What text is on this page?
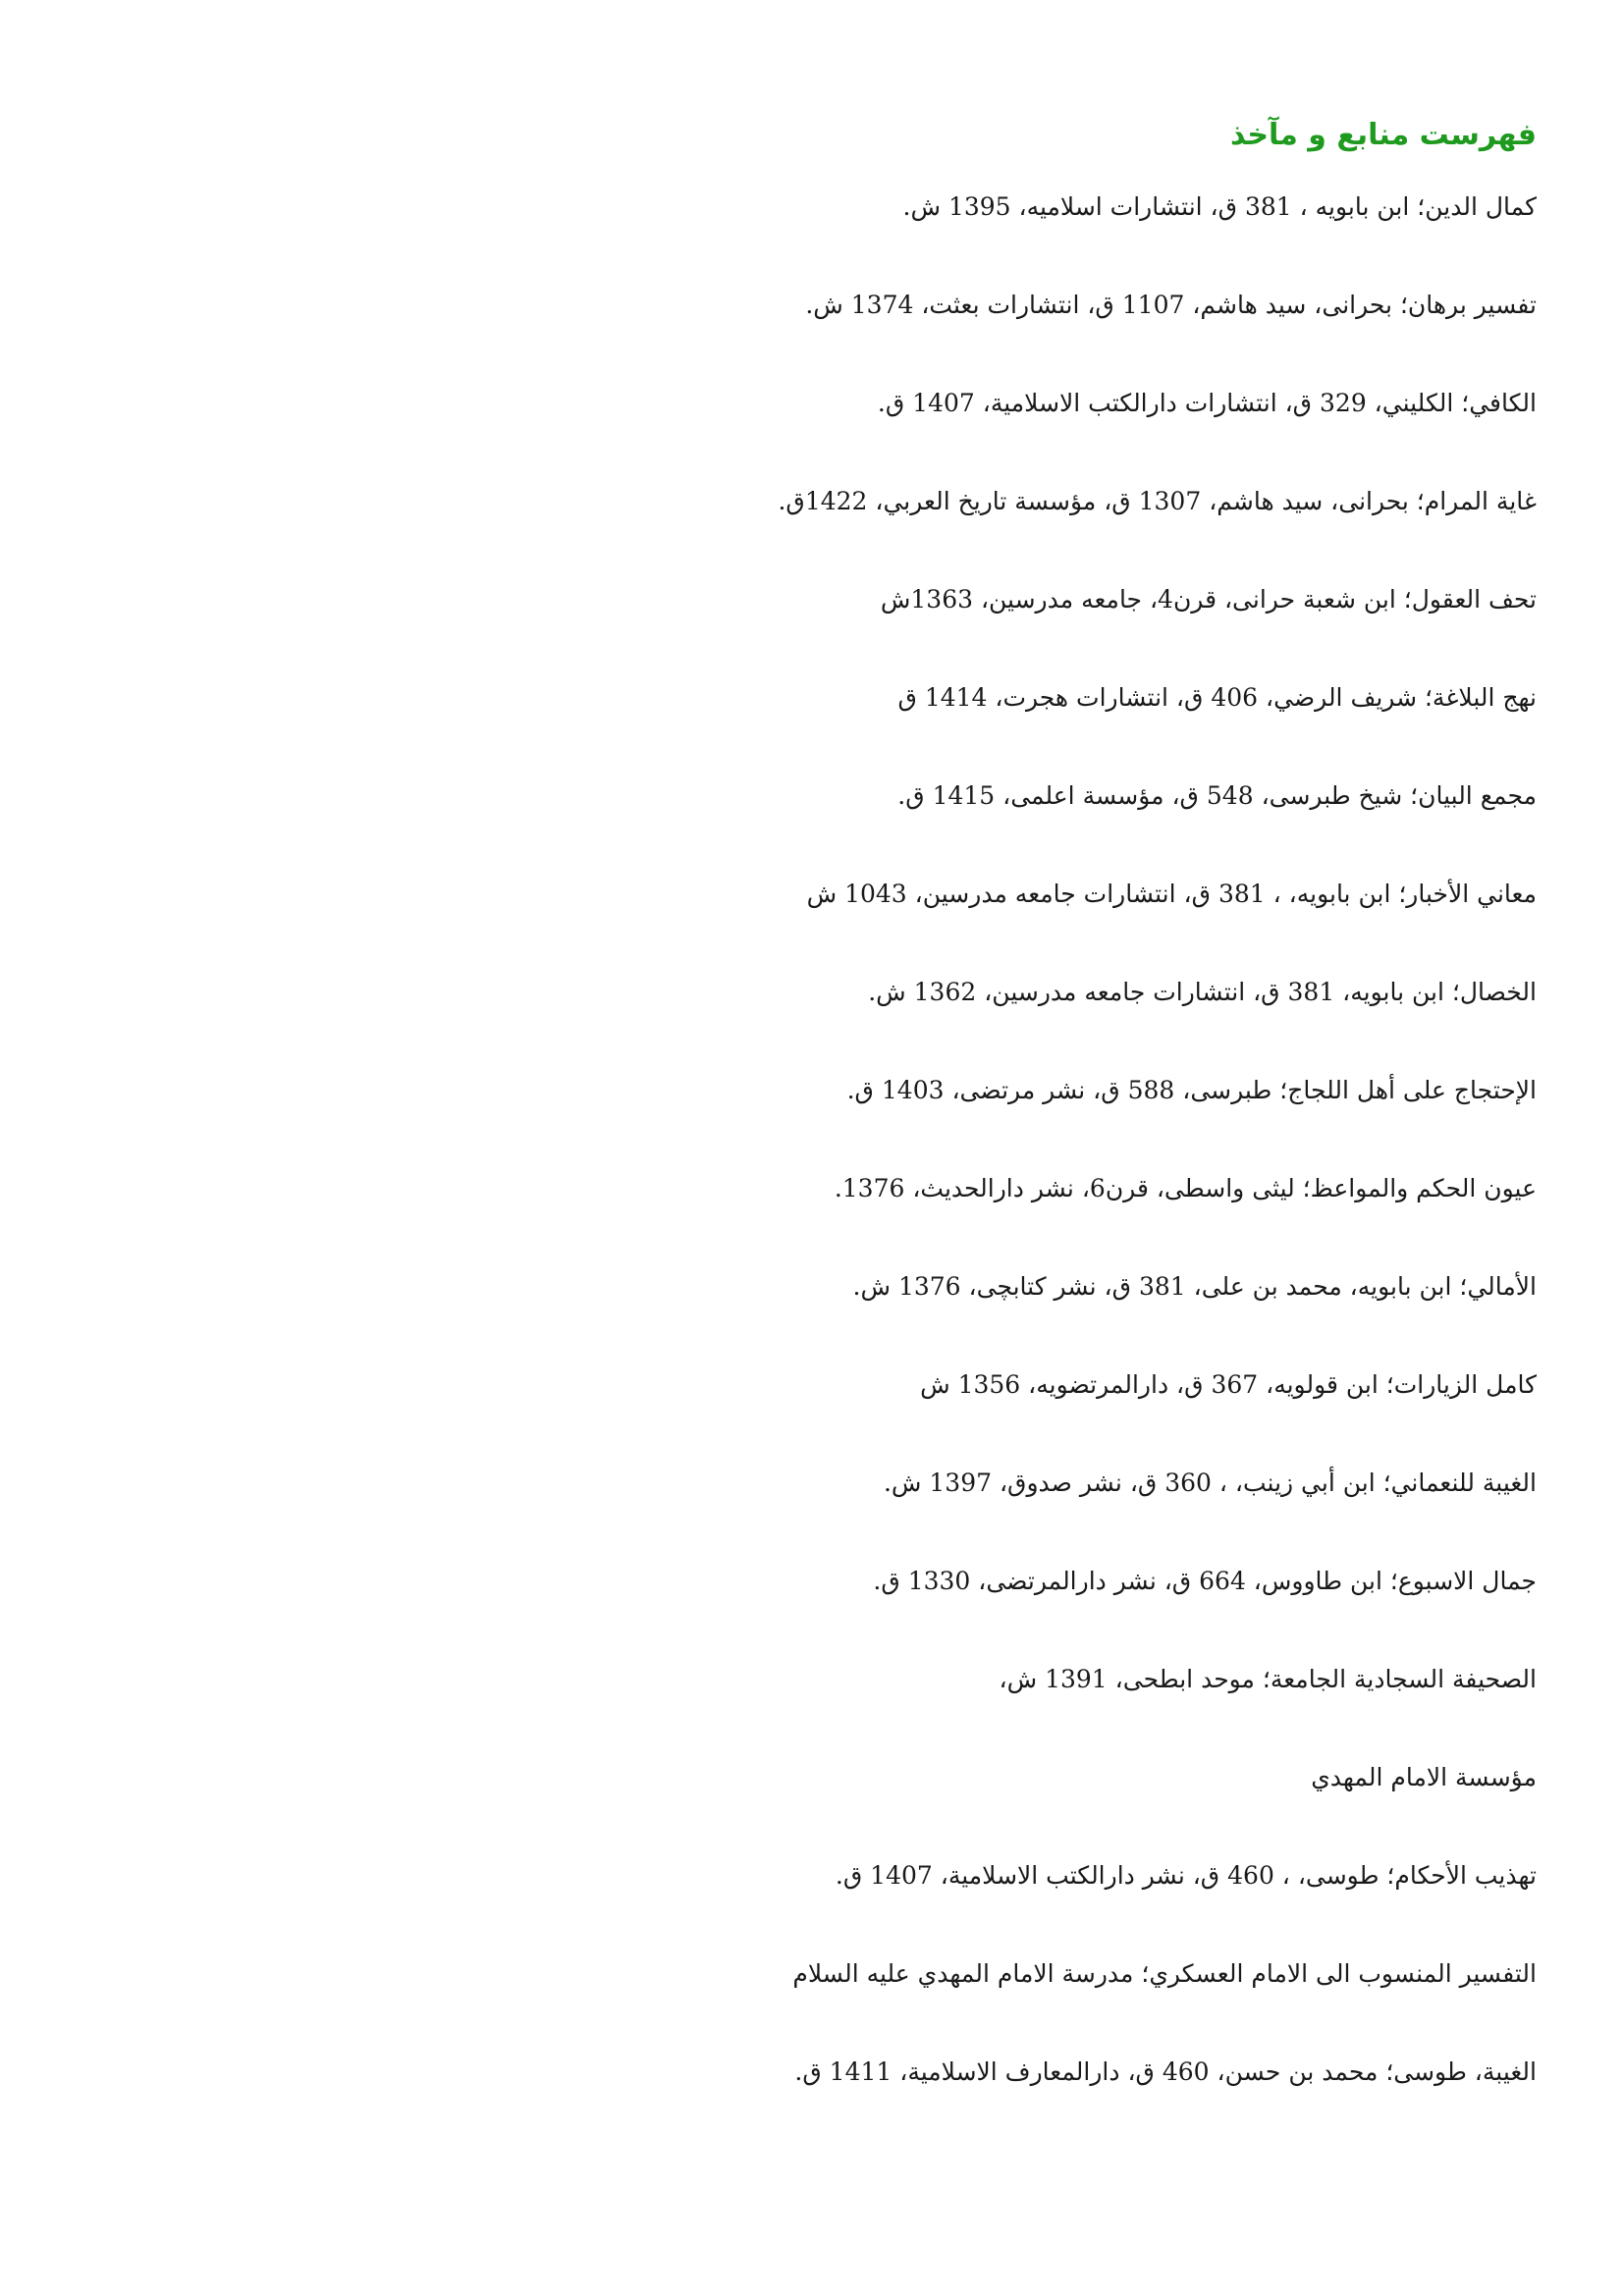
فهرست منابع و مآخذ
كمال الدين؛ ابن بابويه ، 381 ق، انتشارات اسلاميه، 1395 ش.
تفسير برهان؛ بحرانى، سيد هاشم، 1107 ق، انتشارات بعثت، 1374 ش.
الكافي؛ الكليني، 329 ق، انتشارات دارالكتب الاسلامية، 1407 ق.
غاية المرام؛ بحرانى، سيد هاشم، 1307 ق، مؤسسة تاريخ العربي، 1422ق.
تحف العقول؛ ابن شعبة حرانى، قرن4، جامعه مدرسين، 1363ش
نهج البلاغة؛ شريف الرضي، 406 ق، انتشارات هجرت، 1414 ق
مجمع البيان؛ شيخ طبرسى، 548 ق، مؤسسة اعلمى، 1415 ق.
معاني الأخبار؛ ابن بابويه، ، 381 ق، انتشارات جامعه مدرسين، 1043 ش
الخصال؛ ابن بابويه، 381 ق، انتشارات جامعه مدرسين، 1362 ش.
الإحتجاج على أهل اللجاج؛ طبرسى، 588 ق، نشر مرتضى، 1403 ق.
عيون الحكم والمواعظ؛ ليثى واسطى، قرن6، نشر دارالحديث، 1376.
الأمالي؛ ابن بابويه، محمد بن على، 381 ق، نشر كتابچى، 1376 ش.
كامل الزيارات؛ ابن قولويه، 367 ق، دارالمرتضويه، 1356 ش
الغيبة للنعماني؛ ابن أبي زينب، ، 360 ق، نشر صدوق، 1397 ش.
جمال الاسبوع؛ ابن طاووس، 664 ق، نشر دارالمرتضى، 1330 ق.
الصحيفة السجادية الجامعة؛ موحد ابطحى، 1391 ش،
مؤسسة الامام المهدي
تهذيب الأحكام؛ طوسى، ، 460 ق، نشر دارالكتب الاسلامية، 1407 ق.
التفسير المنسوب الى الامام العسكري؛ مدرسة الامام المهدي عليه السلام
الغيبة، طوسى؛ محمد بن حسن، 460 ق، دارالمعارف الاسلامية، 1411 ق.
